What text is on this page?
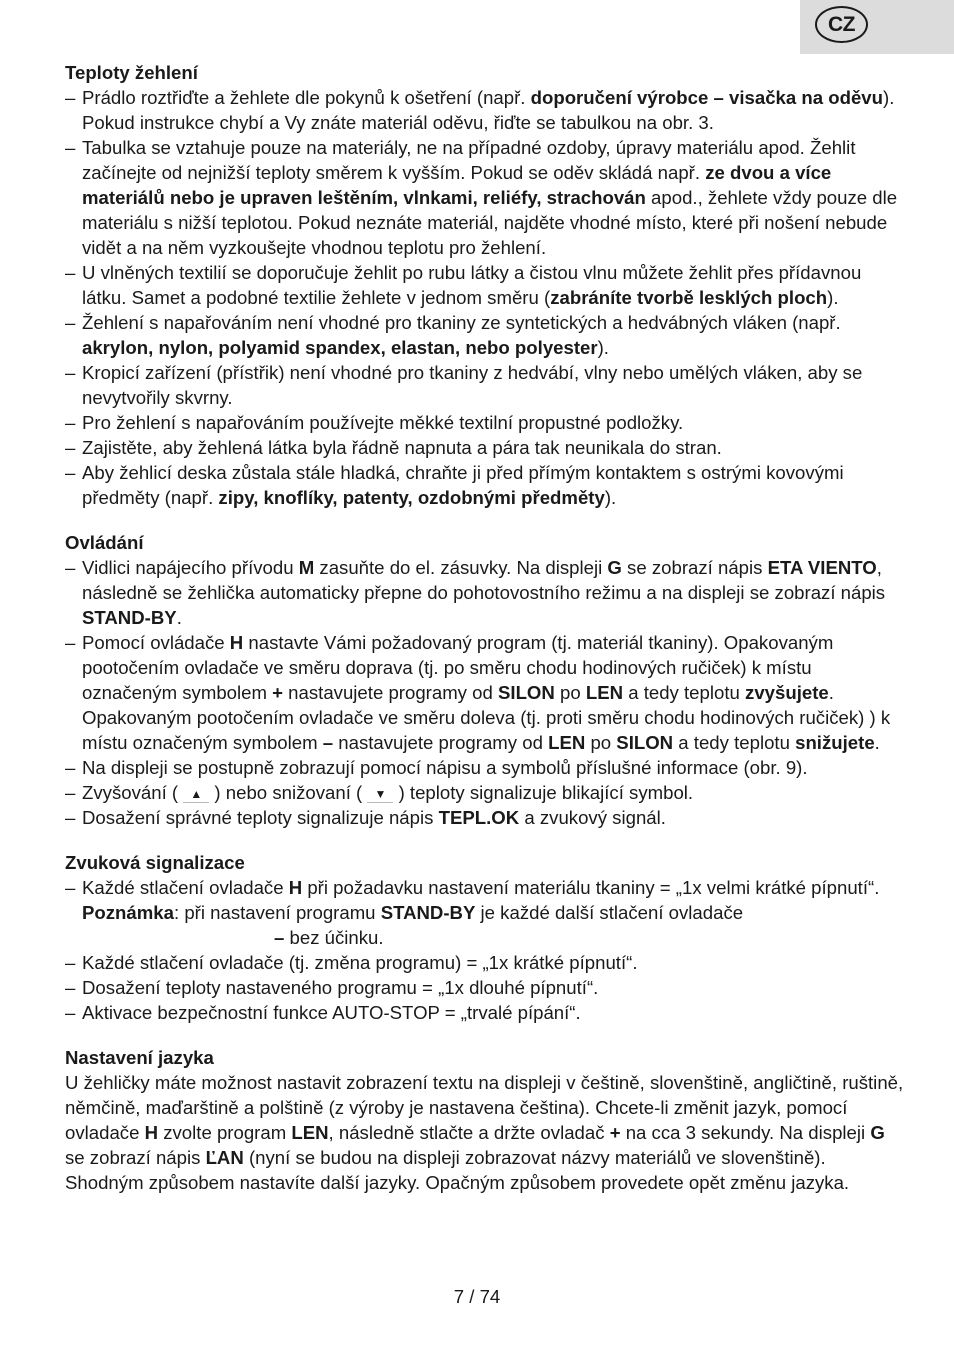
CZ
Teploty žehlení
– Prádlo roztřiďte a žehlete dle pokynů k ošetření (např. doporučení výrobce – visačka na oděvu). Pokud instrukce chybí a Vy znáte materiál oděvu, řiďte se tabulkou na obr. 3.
– Tabulka se vztahuje pouze na materiály, ne na případné ozdoby, úpravy materiálu apod. Žehlit začínejte od nejnižší teploty směrem k vyšším. Pokud se oděv skládá např. ze dvou a více materiálů nebo je upraven leštěním, vlnkami, reliéfy, strachován apod., žehlete vždy pouze dle materiálu s nižší teplotou. Pokud neznáte materiál, najděte vhodné místo, které při nošení nebude vidět a na něm vyzkoušejte vhodnou teplotu pro žehlení.
– U vlněných textilií se doporučuje žehlit po rubu látky a čistou vlnu můžete žehlit přes přídavnou látku. Samet a podobné textilie žehlete v jednom směru (zabráníte tvorbě lesklých ploch).
– Žehlení s napařováním není vhodné pro tkaniny ze syntetických a hedvábných vláken (např. akrylon, nylon, polyamid spandex, elastan, nebo polyester).
– Kropicí zařízení (přístřik) není vhodné pro tkaniny z hedvábí, vlny nebo umělých vláken, aby se nevytvořily skvrny.
– Pro žehlení s napařováním používejte měkké textilní propustné podložky.
– Zajistěte, aby žehlená látka byla řádně napnuta a pára tak neunikala do stran.
– Aby žehlicí deska zůstala stále hladká, chraňte ji před přímým kontaktem s ostrými kovovými předměty (např. zipy, knoflíky, patenty, ozdobnými předměty).
Ovládání
– Vidlici napájecího přívodu M zasuňte do el. zásuvky. Na displeji G se zobrazí nápis ETA VIENTO, následně se žehlička automaticky přepne do pohotovostního režimu a na displeji se zobrazí nápis STAND-BY.
– Pomocí ovládače H nastavte Vámi požadovaný program (tj. materiál tkaniny). Opakovaným pootočením ovladače ve směru doprava (tj. po směru chodu hodinových ručiček) k místu označeným symbolem + nastavujete programy od SILON po LEN a tedy teplotu zvyšujete. Opakovaným pootočením ovladače ve směru doleva (tj. proti směru chodu hodinových ručiček) ) k místu označeným symbolem – nastavujete programy od LEN po SILON a tedy teplotu snižujete.
– Na displeji se postupně zobrazují pomocí nápisu a symbolů příslušné informace (obr. 9).
– Zvyšování ( ▲ ) nebo snižovaní ( ▼ ) teploty signalizuje blikající symbol.
– Dosažení správné teploty signalizuje nápis TEPL.OK a zvukový signál.
Zvuková signalizace
– Každé stlačení ovladače H při požadavku nastavení materiálu tkaniny = „1x velmi krátké pípnutí“. Poznámka: při nastavení programu STAND-BY je každé další stlačení ovladače
– bez účinku.
– Každé stlačení ovladače (tj. změna programu) = „1x krátké pípnutí“.
– Dosažení teploty nastaveného programu = „1x dlouhé pípnutí“.
– Aktivace bezpečnostní funkce AUTO-STOP = „trvalé pípání“.
Nastavení jazyka
U žehličky máte možnost nastavit zobrazení textu na displeji v češtině, slovenštině, angličtině, ruštině, němčině, maďarštině a polštině (z výroby je nastavena čeština). Chcete-li změnit jazyk, pomocí ovladače H zvolte program LEN, následně stlačte a držte ovladač + na cca 3 sekundy. Na displeji G se zobrazí nápis ĽAN (nyní se budou na displeji zobrazovat názvy materiálů ve slovenštině). Shodným způsobem nastavíte další jazyky. Opačným způsobem provedete opět změnu jazyka.
7 / 74
